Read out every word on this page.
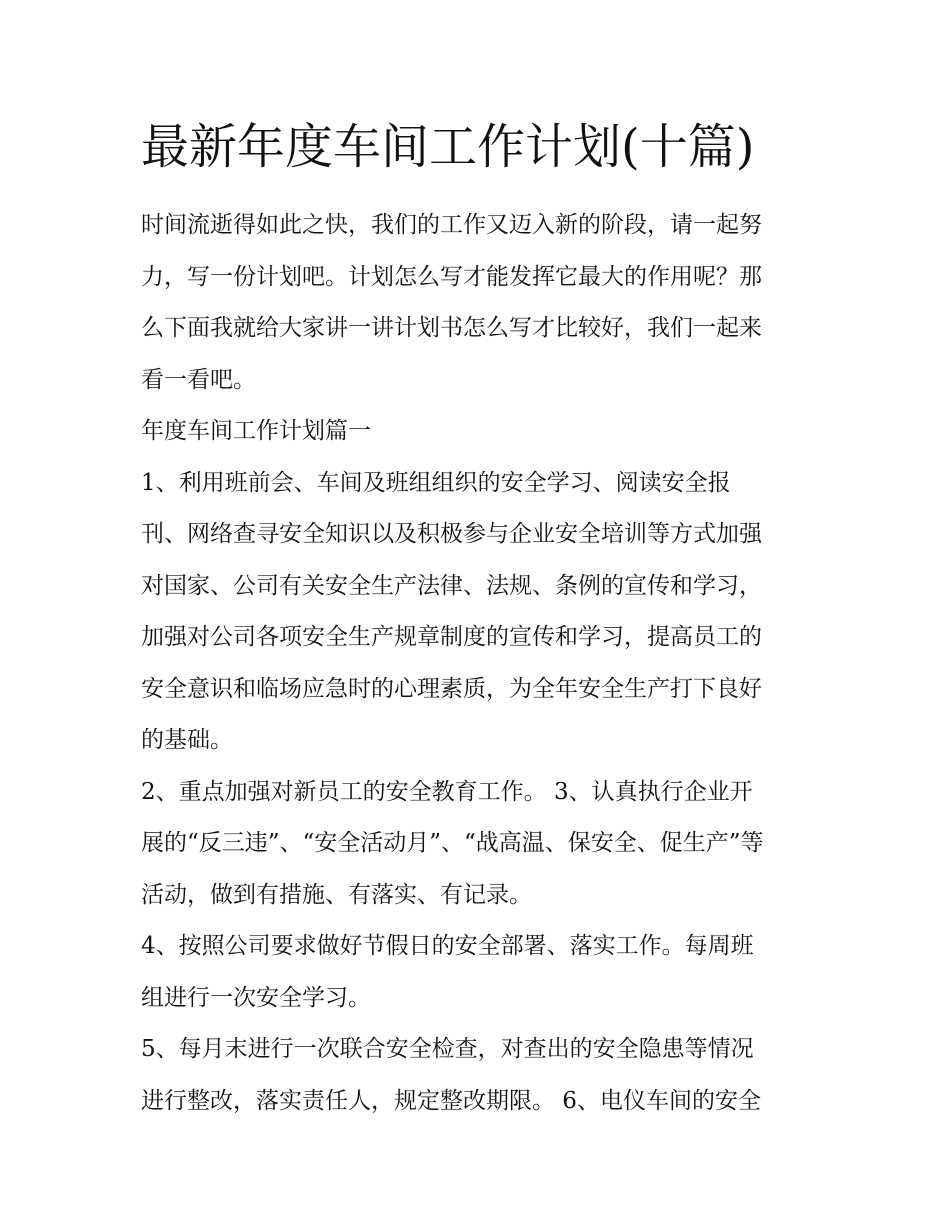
最新年度车间工作计划(十篇)

时间流逝得如此之快，我们的工作又迈入新的阶段，请一起努
力，写一份计划吧。计划怎么写才能发挥它最大的作用呢？那
么下面我就给大家讲一讲计划书怎么写才比较好，我们一起来
看一看吧。

年度车间工作计划篇一

1、利用班前会、车间及班组组织的安全学习、阅读安全报
刊、网络查寻安全知识以及积极参与企业安全培训等方式加强
对国家、公司有关安全生产法律、法规、条例的宣传和学习，
加强对公司各项安全生产规章制度的宣传和学习，提高员工的
安全意识和临场应急时的心理素质，为全年安全生产打下良好
的基础。

2、重点加强对新员工的安全教育工作。 3、认真执行企业开
展的“反三违”、“安全活动月”、“战高温、保安全、促生产”等
活动，做到有措施、有落实、有记录。

4、按照公司要求做好节假日的安全部署、落实工作。每周班
组进行一次安全学习。

5、每月末进行一次联合安全检查，对查出的安全隐患等情况
进行整改，落实责任人，规定整改期限。 6、电仪车间的安全
